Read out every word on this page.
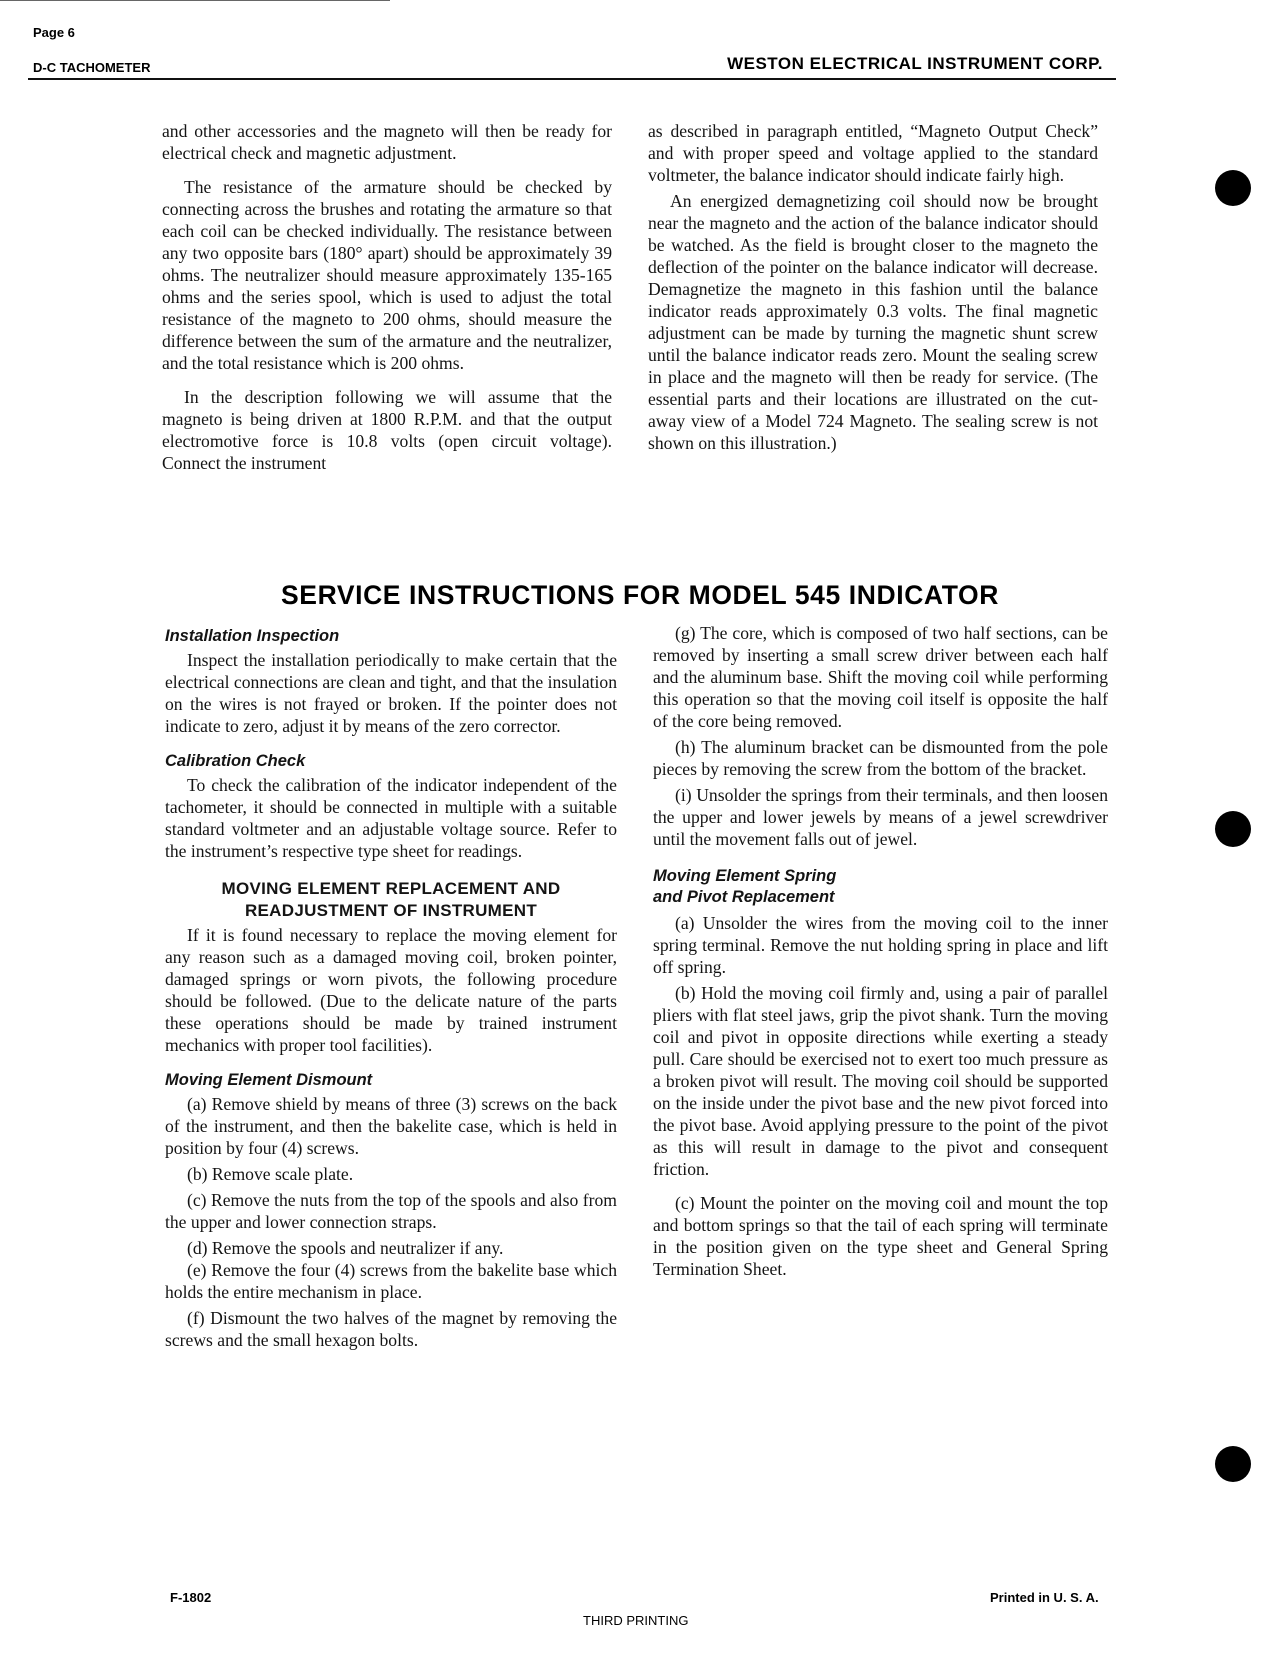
Page 6
D-C TACHOMETER	WESTON ELECTRICAL INSTRUMENT CORP.

and other accessories and the magneto will then be ready for electrical check and magnetic adjustment.

The resistance of the armature should be checked by connecting across the brushes and rotating the armature so that each coil can be checked individually. The resistance between any two opposite bars (180° apart) should be approximately 39 ohms. The neutralizer should measure approximately 135-165 ohms and the series spool, which is used to adjust the total resistance of the magneto to 200 ohms, should measure the difference between the sum of the armature and the neutralizer, and the total resistance which is 200 ohms.

In the description following we will assume that the magneto is being driven at 1800 R.P.M. and that the output electromotive force is 10.8 volts (open circuit voltage). Connect the instrument

as described in paragraph entitled, “Magneto Output Check” and with proper speed and voltage applied to the standard voltmeter, the balance indicator should indicate fairly high.

An energized demagnetizing coil should now be brought near the magneto and the action of the balance indicator should be watched. As the field is brought closer to the magneto the deflection of the pointer on the balance indicator will decrease. Demagnetize the magneto in this fashion until the balance indicator reads approximately 0.3 volts. The final magnetic adjustment can be made by turning the magnetic shunt screw until the balance indicator reads zero. Mount the sealing screw in place and the magneto will then be ready for service. (The essential parts and their locations are illustrated on the cut-away view of a Model 724 Magneto. The sealing screw is not shown on this illustration.)

SERVICE INSTRUCTIONS FOR MODEL 545 INDICATOR
Installation Inspection

Inspect the installation periodically to make certain that the electrical connections are clean and tight, and that the insulation on the wires is not frayed or broken. If the pointer does not indicate to zero, adjust it by means of the zero corrector.

Calibration Check

To check the calibration of the indicator independent of the tachometer, it should be connected in multiple with a suitable standard voltmeter and an adjustable voltage source. Refer to the instrument’s respective type sheet for readings.

MOVING ELEMENT REPLACEMENT AND
READJUSTMENT OF INSTRUMENT

If it is found necessary to replace the moving element for any reason such as a damaged moving coil, broken pointer, damaged springs or worn pivots, the following procedure should be followed. (Due to the delicate nature of the parts these operations should be made by trained instrument mechanics with proper tool facilities).

Moving Element Dismount

(a) Remove shield by means of three (3) screws on the back of the instrument, and then the bakelite case, which is held in position by four (4) screws.

(b) Remove scale plate.

(c) Remove the nuts from the top of the spools and also from the upper and lower connection straps.

(d) Remove the spools and neutralizer if any.

(e) Remove the four (4) screws from the bakelite base which holds the entire mechanism in place.

(f) Dismount the two halves of the magnet by removing the screws and the small hexagon bolts.

(g) The core, which is composed of two half sections, can be removed by inserting a small screw driver between each half and the aluminum base. Shift the moving coil while performing this operation so that the moving coil itself is opposite the half of the core being removed.

(h) The aluminum bracket can be dismounted from the pole pieces by removing the screw from the bottom of the bracket.

(i) Unsolder the springs from their terminals, and then loosen the upper and lower jewels by means of a jewel screwdriver until the movement falls out of jewel.

Moving Element Spring
and Pivot Replacement

(a) Unsolder the wires from the moving coil to the inner spring terminal. Remove the nut holding spring in place and lift off spring.

(b) Hold the moving coil firmly and, using a pair of parallel pliers with flat steel jaws, grip the pivot shank. Turn the moving coil and pivot in opposite directions while exerting a steady pull. Care should be exercised not to exert too much pressure as a broken pivot will result. The moving coil should be supported on the inside under the pivot base and the new pivot forced into the pivot base. Avoid applying pressure to the point of the pivot as this will result in damage to the pivot and consequent friction.

(c) Mount the pointer on the moving coil and mount the top and bottom springs so that the tail of each spring will terminate in the position given on the type sheet and General Spring Termination Sheet.

F-1802
THIRD PRINTING
Printed in U. S. A.
